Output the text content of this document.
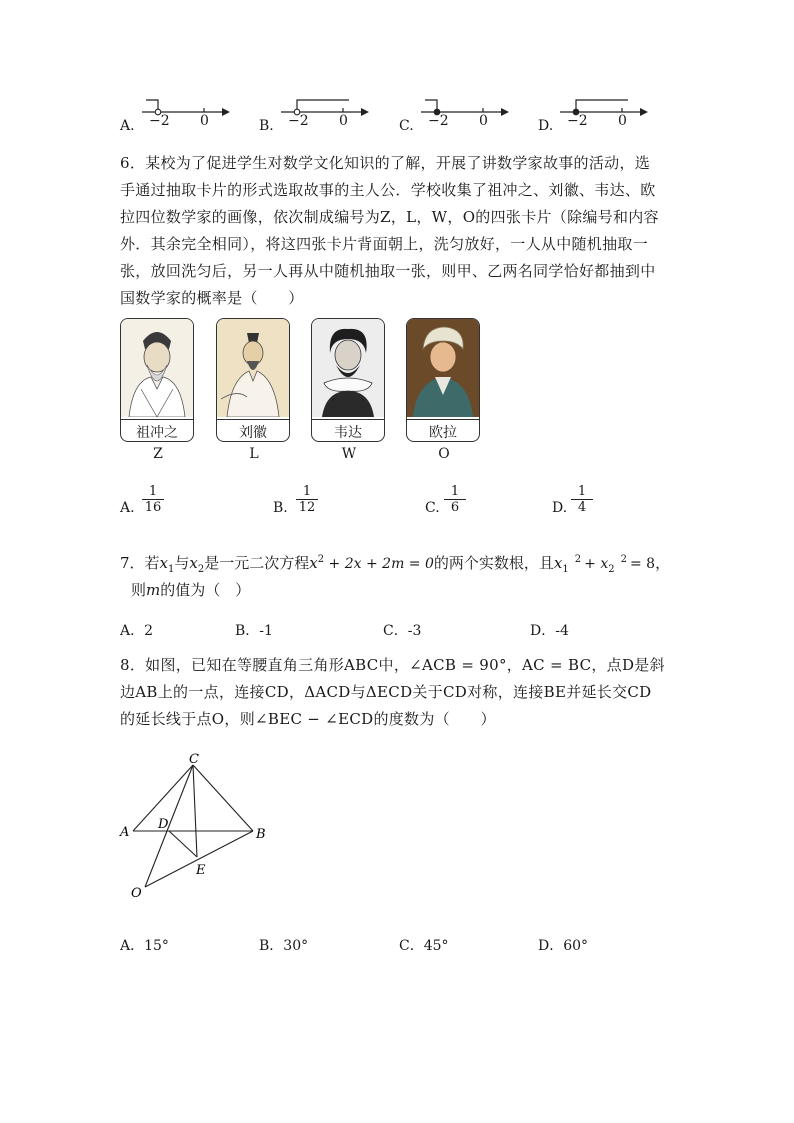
A. −2 0	B. −2 0	C. −2 0	D. −2 0
6．某校为了促进学生对数学文化知识的了解，开展了讲数学家故事的活动，选
手通过抽取卡片的形式选取故事的主人公．学校收集了祖冲之、刘徽、韦达、欧
拉四位数学家的画像，依次制成编号为Z，L，W，O的四张卡片（除编号和内容
外．其余完全相同），将这四张卡片背面朝上，洗匀放好，一人从中随机抽取一
张，放回洗匀后，另一人再从中随机抽取一张，则甲、乙两名同学恰好都抽到中
国数学家的概率是（　　）
祖冲之	刘徽	韦达	欧拉
Z	L	W	O
A. $\frac{1}{16}$	B. $\frac{1}{12}$	C. $\frac{1}{6}$	D. $\frac{1}{4}$
7．若$x_1$与$x_2$是一元二次方程$x^2 + 2x + 2m = 0$的两个实数根，且$x_1^2 + x_2^2 = 8$，
则m的值为（　）
A．2	B．-1	C．-3	D．-4
8．如图，已知在等腰直角三角形ABC中，∠ACB = 90°，AC = BC，点D是斜
边AB上的一点，连接CD，ΔACD与ΔECD关于CD对称，连接BE并延长交CD
的延长线于点O，则∠BEC − ∠ECD的度数为（　　）
C
A
D
B
E
O
A．15°	B．30°	C．45°	D．60°
